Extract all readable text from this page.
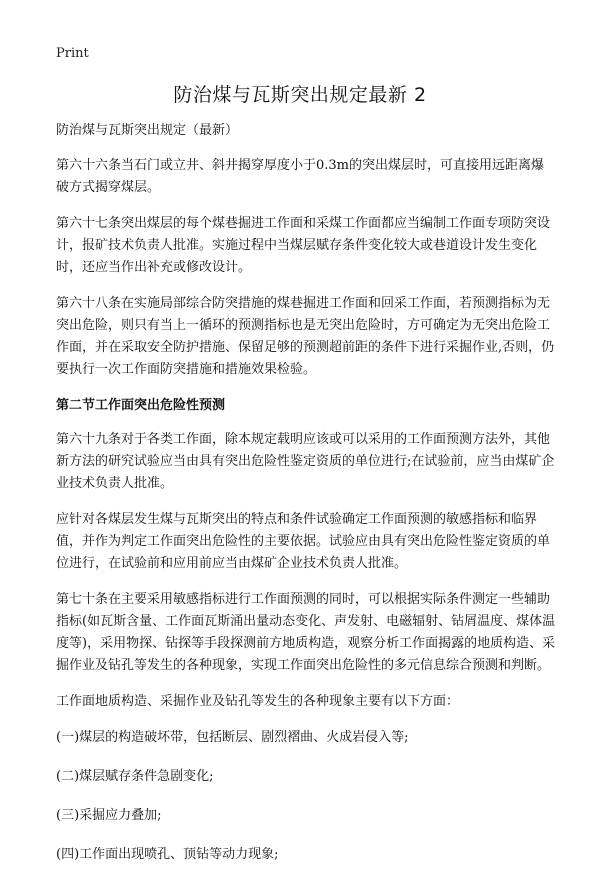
Print
防治煤与瓦斯突出规定最新 2

防治煤与瓦斯突出规定（最新）

第六十六条当石门或立井、斜井揭穿厚度小于0.3m的突出煤层时，可直接用远距离爆破方式揭穿煤层。

第六十七条突出煤层的每个煤巷掘进工作面和采煤工作面都应当编制工作面专项防突设计，报矿技术负责人批准。实施过程中当煤层赋存条件变化较大或巷道设计发生变化时，还应当作出补充或修改设计。

第六十八条在实施局部综合防突措施的煤巷掘进工作面和回采工作面，若预测指标为无突出危险，则只有当上一循环的预测指标也是无突出危险时，方可确定为无突出危险工作面，并在采取安全防护措施、保留足够的预测超前距的条件下进行采掘作业,否则，仍要执行一次工作面防突措施和措施效果检验。

第二节工作面突出危险性预测

第六十九条对于各类工作面，除本规定载明应该或可以采用的工作面预测方法外，其他新方法的研究试验应当由具有突出危险性鉴定资质的单位进行;在试验前，应当由煤矿企业技术负责人批准。

应针对各煤层发生煤与瓦斯突出的特点和条件试验确定工作面预测的敏感指标和临界值，并作为判定工作面突出危险性的主要依据。试验应由具有突出危险性鉴定资质的单位进行，在试验前和应用前应当由煤矿企业技术负责人批准。

第七十条在主要采用敏感指标进行工作面预测的同时，可以根据实际条件测定一些辅助指标(如瓦斯含量、工作面瓦斯涌出量动态变化、声发射、电磁辐射、钻屑温度、煤体温度等)，采用物探、钻探等手段探测前方地质构造，观察分析工作面揭露的地质构造、采掘作业及钻孔等发生的各种现象，实现工作面突出危险性的多元信息综合预测和判断。

工作面地质构造、采掘作业及钻孔等发生的各种现象主要有以下方面：

(一)煤层的构造破坏带，包括断层、剧烈褶曲、火成岩侵入等;

(二)煤层赋存条件急剧变化;

(三)采掘应力叠加;

(四)工作面出现喷孔、顶钻等动力现象;
